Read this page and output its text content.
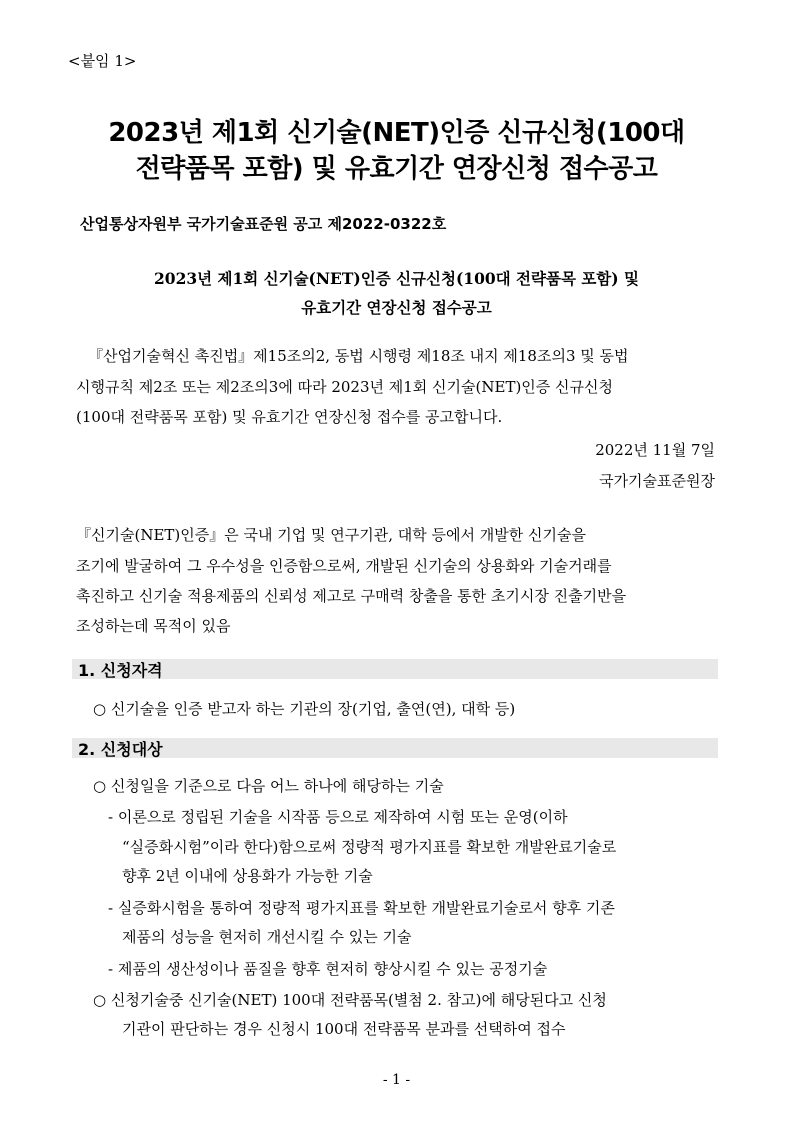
<붙임 1>
2023년 제1회 신기술(NET)인증 신규신청(100대
전략품목 포함) 및 유효기간 연장신청 접수공고
산업통상자원부 국가기술표준원 공고 제2022-0322호
2023년 제1회 신기술(NET)인증 신규신청(100대 전략품목 포함) 및
유효기간 연장신청 접수공고
『산업기술혁신 촉진법』제15조의2, 동법 시행령 제18조 내지 제18조의3 및 동법
시행규칙 제2조 또는 제2조의3에 따라 2023년 제1회 신기술(NET)인증 신규신청
(100대 전략품목 포함) 및 유효기간 연장신청 접수를 공고합니다.
2022년 11월 7일
국가기술표준원장
『신기술(NET)인증』은 국내 기업 및 연구기관, 대학 등에서 개발한 신기술을
조기에 발굴하여 그 우수성을 인증함으로써, 개발된 신기술의 상용화와 기술거래를
촉진하고 신기술 적용제품의 신뢰성 제고로 구매력 창출을 통한 초기시장 진출기반을
조성하는데 목적이 있음
1. 신청자격
○ 신기술을 인증 받고자 하는 기관의 장(기업, 출연(연), 대학 등)
2. 신청대상
○ 신청일을 기준으로 다음 어느 하나에 해당하는 기술
- 이론으로 정립된 기술을 시작품 등으로 제작하여 시험 또는 운영(이하
“실증화시험”이라 한다)함으로써 정량적 평가지표를 확보한 개발완료기술로
향후 2년 이내에 상용화가 가능한 기술
- 실증화시험을 통하여 정량적 평가지표를 확보한 개발완료기술로서 향후 기존
제품의 성능을 현저히 개선시킬 수 있는 기술
- 제품의 생산성이나 품질을 향후 현저히 향상시킬 수 있는 공정기술
○ 신청기술중 신기술(NET) 100대 전략품목(별첨 2. 참고)에 해당된다고 신청
기관이 판단하는 경우 신청시 100대 전략품목 분과를 선택하여 접수
- 1 -
